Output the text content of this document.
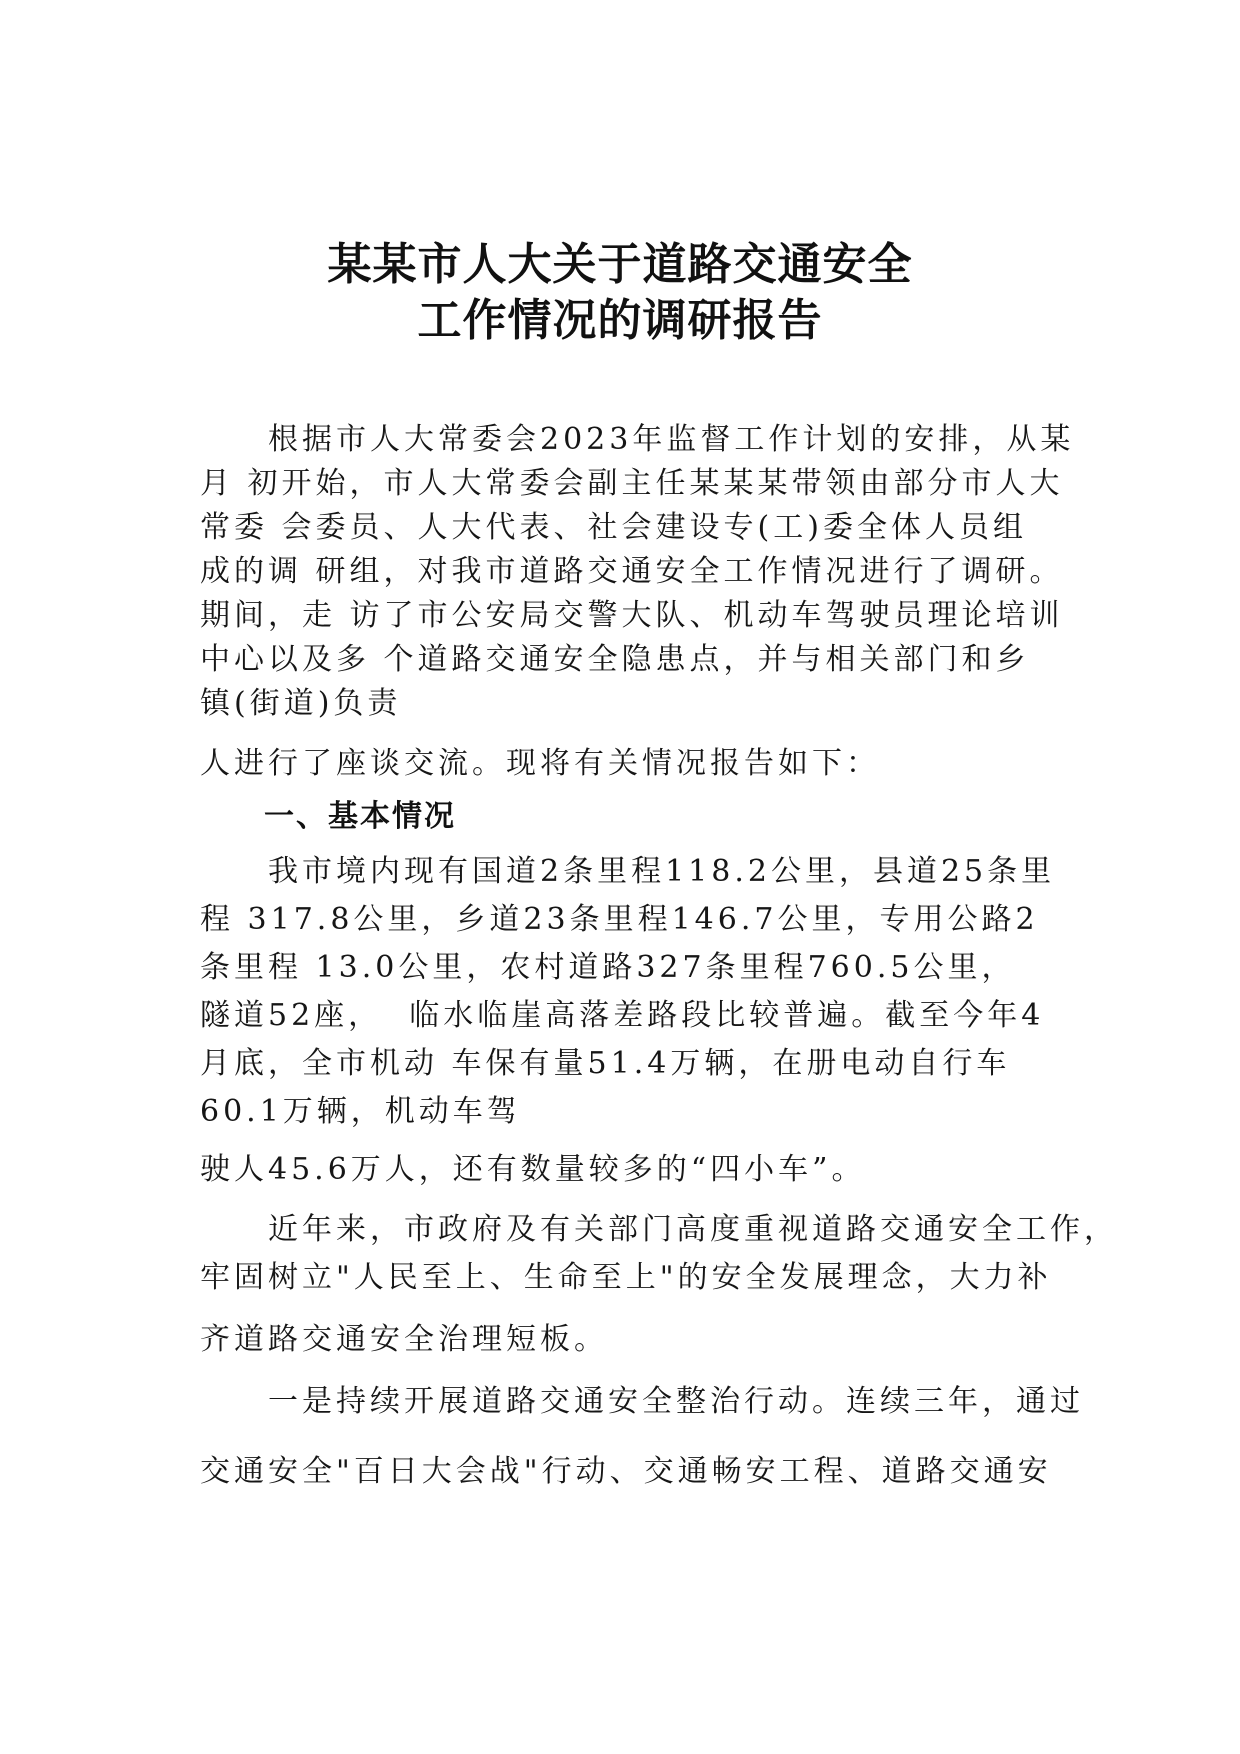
某某市人大关于道路交通安全
工作情况的调研报告
根据市人大常委会2023年监督工作计划的安排，从某
月 初开始，市人大常委会副主任某某某带领由部分市人大
常委 会委员、人大代表、社会建设专(工)委全体人员组
成的调 研组，对我市道路交通安全工作情况进行了调研。
期间，走 访了市公安局交警大队、机动车驾驶员理论培训
中心以及多 个道路交通安全隐患点，并与相关部门和乡
镇(街道)负责
人进行了座谈交流。现将有关情况报告如下：
一、基本情况
我市境内现有国道2条里程118.2公里，县道25条里
程 317.8公里，乡道23条里程146.7公里，专用公路2
条里程 13.0公里，农村道路327条里程760.5公里，
隧道52座，  临水临崖高落差路段比较普遍。截至今年4
月底，全市机动 车保有量51.4万辆，在册电动自行车
60.1万辆，机动车驾
驶人45.6万人，还有数量较多的“四小车”。
近年来，市政府及有关部门高度重视道路交通安全工作，
牢固树立"人民至上、生命至上"的安全发展理念，大力补
齐道路交通安全治理短板。
一是持续开展道路交通安全整治行动。连续三年，通过
交通安全"百日大会战"行动、交通畅安工程、道路交通安
